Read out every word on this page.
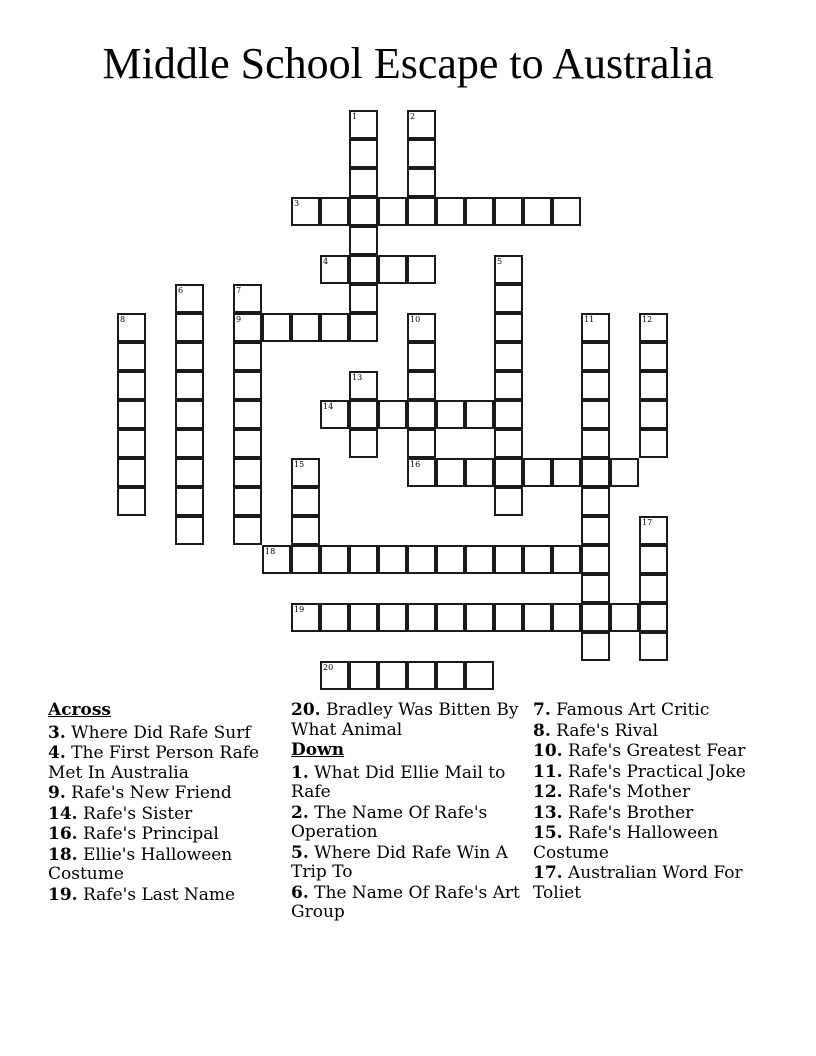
Middle School Escape to Australia
1	2
3
4	5
6	7
9
8	10
16
11	12
13
14
15
17
18
19
20
Across
3. Where Did Rafe Surf
4. The First Person Rafe Met In Australia
9. Rafe's New Friend
14. Rafe's Sister
16. Rafe's Principal
18. Ellie's Halloween Costume
19. Rafe's Last Name
20. Bradley Was Bitten By What Animal
Down
1. What Did Ellie Mail to Rafe
2. The Name Of Rafe's Operation
5. Where Did Rafe Win A Trip To
6. The Name Of Rafe's Art Group
7. Famous Art Critic
8. Rafe's Rival
10. Rafe's Greatest Fear
11. Rafe's Practical Joke
12. Rafe's Mother
13. Rafe's Brother
15. Rafe's Halloween Costume
17. Australian Word For Toliet
